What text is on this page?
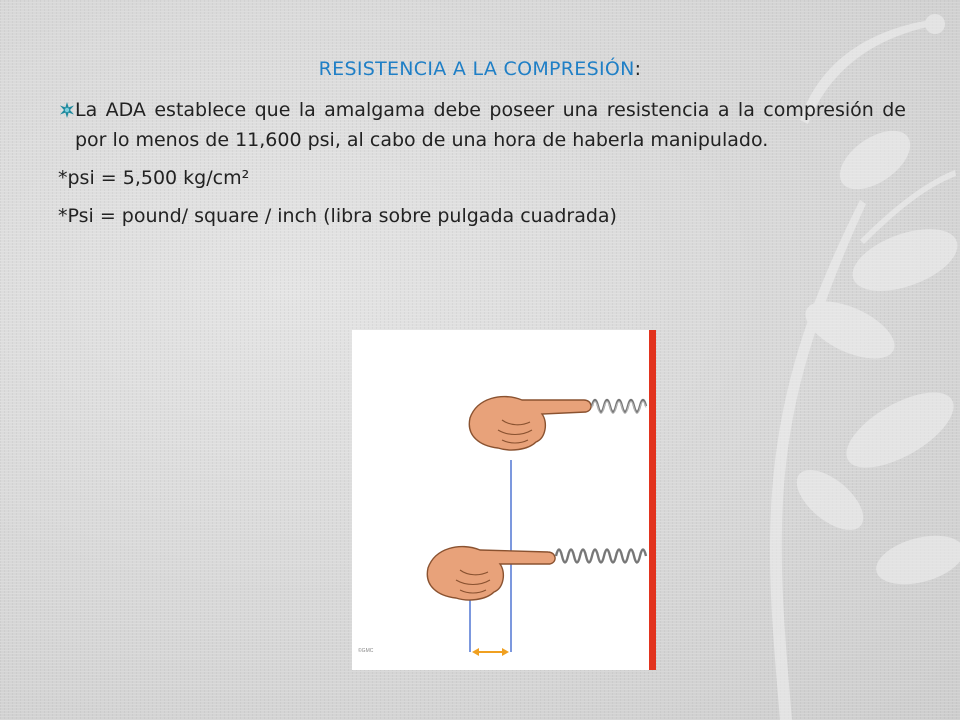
RESISTENCIA A LA COMPRESIÓN:
La ADA establece que la amalgama debe poseer una resistencia a la compresión de por lo menos de 11,600 psi, al cabo de una hora de haberla manipulado.
*psi = 5,500 kg/cm²
*Psi = pound/ square / inch (libra sobre pulgada cuadrada)
©GMC
